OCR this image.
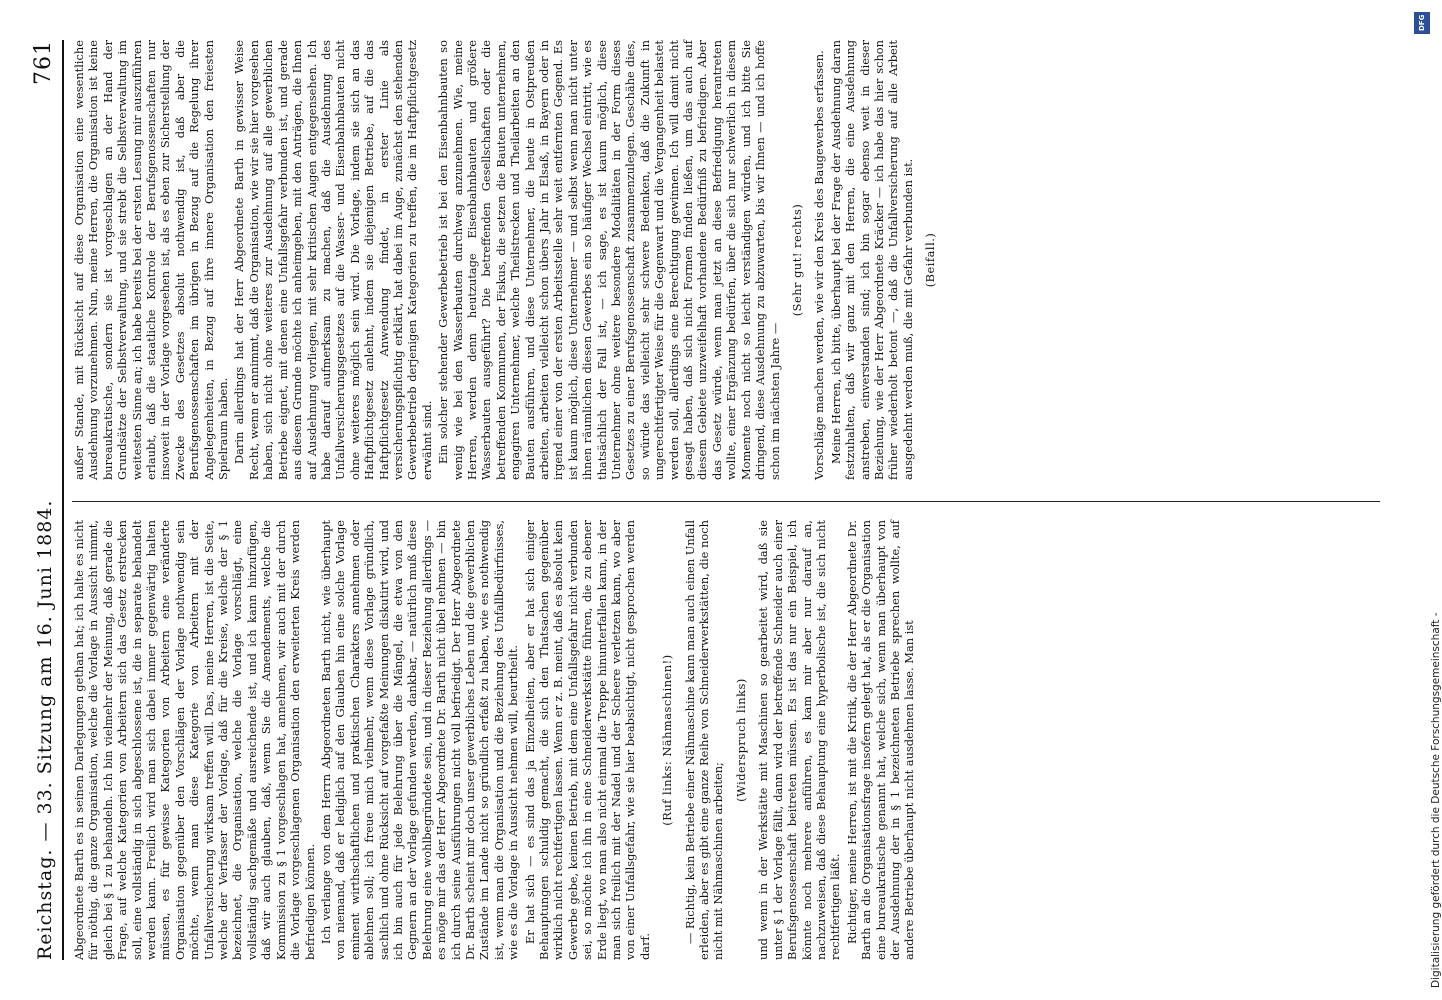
Reichstag. — 33. Sitzung am 16. Juni 1884.
761

Abgeordnete Barth es in seinen Darlegungen gethan hat; ich halte es nicht für nöthig, die ganze Organisation, welche die Vorlage in Aussicht nimmt, gleich bei § 1 zu behandeln. Ich bin vielmehr der Meinung, daß gerade die Frage, auf welche Kategorien von Arbeitern sich das Gesetz erstrecken soll, eine vollständig in sich abgeschlossene ist, die in separate behandelt werden kann. Freilich wird man sich dabei immer gegenwärtig halten müssen, es für gewisse Kategorien von Arbeitern eine veränderte Organisation gegenüber den Vorschlägen der Vorlage nothwendig sein möchte, wenn man diese Kategorie von Arbeitern mit der Unfallversicherung wirksam treffen will. Das, meine Herren, ist die Seite, welche der Verfasser der Vorlage, daß für die Kreise, welche der § 1 bezeichnet, die Organisation, welche die Vorlage vorschlägt, eine vollständig sachgemäße und ausreichende ist, und ich kann hinzufügen, daß wir auch glauben, daß, wenn Sie die Amendements, welche die Kommission zu § 1 vorgeschlagen hat, annehmen, wir auch mit der durch die Vorlage vorgeschlagenen Organisation den erweiterten Kreis werden befriedigen können. Ich verlange von dem Herrn Abgeordneten Barth nicht, wie überhaupt von niemand, daß er lediglich auf den Glauben hin eine solche Vorlage eminent wirthschaftlichen und praktischen Charakters annehmen oder ablehnen soll; ich freue mich vielmehr, wenn diese Vorlage gründlich, sachlich und ohne Rücksicht auf vorgefaßte Meinungen diskutirt wird, und ich bin auch für jede Belehrung über die Mängel, die etwa von den Gegnern an der Vorlage gefunden werden, dankbar, — natürlich muß diese Belehrung eine wohlbegründete sein, und in dieser Beziehung allerdings — es möge mir das der Herr Abgeordnete Dr. Barth nicht übel nehmen — bin ich durch seine Ausführungen nicht voll befriedigt. Der Herr Abgeordnete Dr. Barth scheint mir doch unser gewerbliches Leben und die gewerblichen Zustände im Lande nicht so gründlich erfaßt zu haben, wie es nothwendig ist, wenn man die Organisation und die Beziehung des Unfallbedürfnisses, wie es die Vorlage in Aussicht nehmen will, beurtheilt. Er hat sich — es sind das ja Einzelheiten, aber er hat sich einiger Behauptungen schuldig gemacht, die sich den Thatsachen gegenüber wirklich nicht rechtfertigen lassen. Wenn er z. B. meint, daß es absolut kein Gewerbe gebe, keinen Betrieb, mit dem eine Unfallsgefahr nicht verbunden sei, so möchte ich ihn in eine Schneiderwerkstätte führen, die zu ebener Erde liegt, wo man also nicht einmal die Treppe hinunterfallen kann, in der man sich freilich mit der Nadel und der Scheere verletzen kann, wo aber von einer Unfallsgefahr, wie sie hier beabsichtigt, nicht gesprochen werden darf.

(Ruf links: Nähmaschinen!) — Richtig, kein Betriebe einer Nähmaschine kann man auch einen Unfall erleiden, aber es gibt eine ganze Reihe von Schneiderwerkstätten, die noch nicht mit Nähmaschinen arbeiten;

(Widerspruch links) und wenn in der Werkstätte mit Maschinen so gearbeitet wird, daß sie unter § 1 der Vorlage fällt, dann wird der betreffende Schneider auch einer Berufsgenossenschaft beitreten müssen. Es ist das nur ein Beispiel, ich könnte noch mehrere anführen, es kam mir aber nur darauf an, nachzuweisen, daß diese Behauptung eine hyperbolische ist, die sich nicht rechtfertigen läßt. Richtiger, meine Herren, ist mit die Kritik, die der Herr Abgeordnete Dr. Barth an die Organisationsfrage insofern gelegt hat, als er die Organisation eine bureaukratische genannt hat, welche sich, wenn man überhaupt von der Ausdehnung der in § 1 bezeichneten Betriebe sprechen wollte, auf andere Betriebe überhaupt nicht ausdehnen lasse. Man ist

außer Stande, mit Rücksicht auf diese Organisation eine wesentliche Ausdehnung vorzunehmen. Nun, meine Herren, die Organisation ist keine bureaukratische, sondern sie ist vorgeschlagen an der Hand der Grundsätze der Selbstverwaltung, und sie strebt die Selbstverwaltung im weitesten Sinne an; ich habe bereits bei der ersten Lesung mir auszuführen erlaubt, daß die staatliche Kontrole der Berufsgenossenschaften nur insoweit in der Vorlage vorgesehen ist, als es eben zur Sicherstellung der Zwecke des Gesetzes absolut nothwendig ist, daß aber die Berufsgenossenschaften im übrigen in Bezug auf die Regelung ihrer Angelegenheiten, in Bezug auf ihre innere Organisation den freiesten Spielraum haben. Darin allerdings hat der Herr Abgeordnete Barth in gewisser Weise Recht, wenn er annimmt, daß die Organisation, wie wir sie hier vorgesehen haben, sich nicht ohne weiteres zur Ausdehnung auf alle gewerblichen Betriebe eignet, mit denen eine Unfallsgefahr verbunden ist, und gerade aus diesem Grunde möchte ich anheimgeben, mit den Anträgen, die Ihnen auf Ausdehnung vorliegen, mit sehr kritischen Augen entgegensehen. Ich habe darauf aufmerksam zu machen, daß die Ausdehnung des Unfallversicherungsgesetzes auf die Wasser- und Eisenbahnbauten nicht ohne weiteres möglich sein wird. Die Vorlage, indem sie sich an das Haftpflichtgesetz anlehnt, indem sie diejenigen Betriebe, auf die das Haftpflichtgesetz Anwendung findet, in erster Linie als versicherungspflichtig erklärt, hat dabei im Auge, zunächst den stehenden Gewerbebetrieb derjenigen Kategorien zu treffen, die im Haftpflichtgesetz erwähnt sind. Ein solcher stehender Gewerbebetrieb ist bei den Eisenbahnbauten so wenig wie bei den Wasserbauten durchweg anzunehmen. Wie, meine Herren, werden denn heutzutage Eisenbahnbauten und größere Wasserbauten ausgeführt? Die betreffenden Gesellschaften oder die betreffenden Kommunen, der Fiskus, die setzen die Bauten unternehmen, engagiren Unternehmer, welche Theilstrecken und Theilarbeiten an den Bauten ausführen, und diese Unternehmer, die heute in Ostpreußen arbeiten, arbeiten vielleicht schon übers Jahr in Elsaß, in Bayern oder in irgend einer von der ersten Arbeitsstelle sehr weit entfernten Gegend. Es ist kaum möglich, diese Unternehmer — und selbst wenn man nicht unter ihnen räumlichen diesen Gewerbes ein so häufiger Wechsel eintritt, wie es thatsächlich der Fall ist, — ich sage, es ist kaum möglich, diese Unternehmer ohne weitere besondere Modalitäten in der Form dieses Gesetzes zu einer Berufsgenossenschaft zusammenzulegen. Geschähe dies, so würde das vielleicht sehr schwere Bedenken, daß die Zukunft in ungerechtfertigter Weise für die Gegenwart und die Vergangenheit belastet werden soll, allerdings eine Berechtigung gewinnen. Ich will damit nicht gesagt haben, daß sich nicht Formen finden ließen, um das auch auf diesem Gebiete unzweifelhaft vorhandene Bedürfniß zu befriedigen. Aber das Gesetz würde, wenn man jetzt an diese Befriedigung herantreten wollte, einer Ergänzung bedürfen, über die sich nur schwerlich in diesem Momente noch nicht so leicht verständigen würden, und ich bitte Sie dringend, diese Ausdehnung zu abzuwarten, bis wir Ihnen — und ich hoffe schon im nächsten Jahre —

(Sehr gut! rechts) Vorschläge machen werden, wie wir den Kreis des Baugewerbes erfassen. Meine Herren, ich bitte, überhaupt bei der Frage der Ausdehnung daran festzuhalten, daß wir ganz mit den Herren, die eine Ausdehnung anstreben, einverstanden sind; ich bin sogar ebenso weit in dieser Beziehung, wie der Herr Abgeordnete Kräcker — ich habe das hier schon früher wiederholt betont —, daß die Unfallversicherung auf alle Arbeit ausgedehnt werden muß, die mit Gefahr verbunden ist. (Beifall.)

Digitalisierung gefördert durch die Deutsche Forschungsgemeinschaft -
DFG
